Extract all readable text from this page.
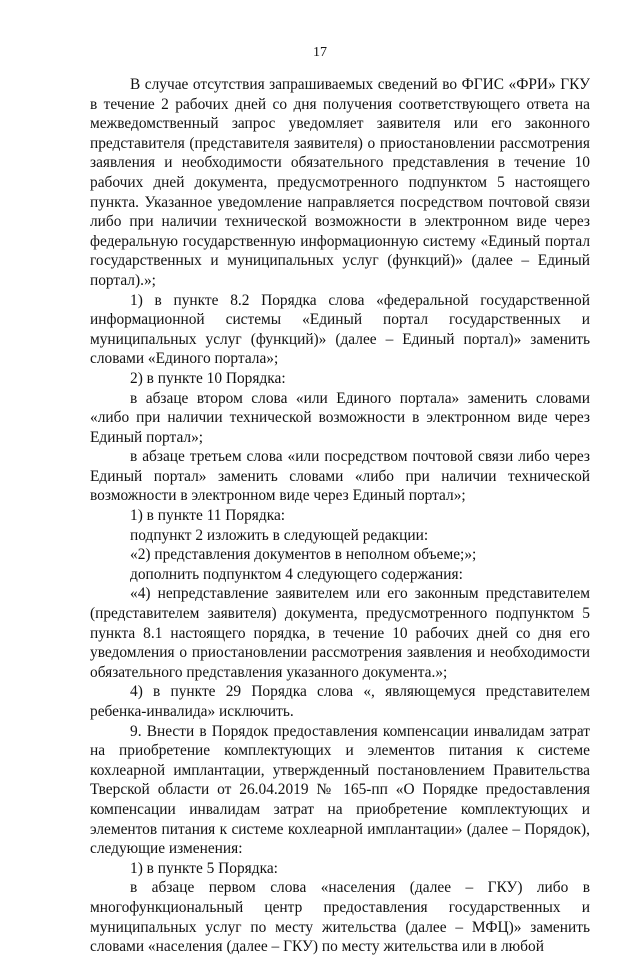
17

В случае отсутствия запрашиваемых сведений во ФГИС «ФРИ» ГКУ в течение 2 рабочих дней со дня получения соответствующего ответа на межведомственный запрос уведомляет заявителя или его законного представителя (представителя заявителя) о приостановлении рассмотрения заявления и необходимости обязательного представления в течение 10 рабочих дней документа, предусмотренного подпунктом 5 настоящего пункта. Указанное уведомление направляется посредством почтовой связи либо при наличии технической возможности в электронном виде через федеральную государственную информационную систему «Единый портал государственных и муниципальных услуг (функций)» (далее – Единый портал).»;

1) в пункте 8.2 Порядка слова «федеральной государственной информационной системы «Единый портал государственных и муниципальных услуг (функций)» (далее – Единый портал)» заменить словами «Единого портала»;

2) в пункте 10 Порядка:

в абзаце втором слова «или Единого портала» заменить словами «либо при наличии технической возможности в электронном виде через Единый портал»;

в абзаце третьем слова «или посредством почтовой связи либо через Единый портал» заменить словами «либо при наличии технической возможности в электронном виде через Единый портал»;

1) в пункте 11 Порядка:

подпункт 2 изложить в следующей редакции:

«2) представления документов в неполном объеме;»;

дополнить подпунктом 4 следующего содержания:

«4) непредставление заявителем или его законным представителем (представителем заявителя) документа, предусмотренного подпунктом 5 пункта 8.1 настоящего порядка, в течение 10 рабочих дней со дня его уведомления о приостановлении рассмотрения заявления и необходимости обязательного представления указанного документа.»;

4) в пункте 29 Порядка слова «, являющемуся представителем ребенка-инвалида» исключить.

9. Внести в Порядок предоставления компенсации инвалидам затрат на приобретение комплектующих и элементов питания к системе кохлеарной имплантации, утвержденный постановлением Правительства Тверской области от 26.04.2019 № 165-пп «О Порядке предоставления компенсации инвалидам затрат на приобретение комплектующих и элементов питания к системе кохлеарной имплантации» (далее – Порядок), следующие изменения:

1) в пункте 5 Порядка:

в абзаце первом слова «населения (далее – ГКУ) либо в многофункциональный центр предоставления государственных и муниципальных услуг по месту жительства (далее – МФЦ)» заменить словами «населения (далее – ГКУ) по месту жительства или в любой
